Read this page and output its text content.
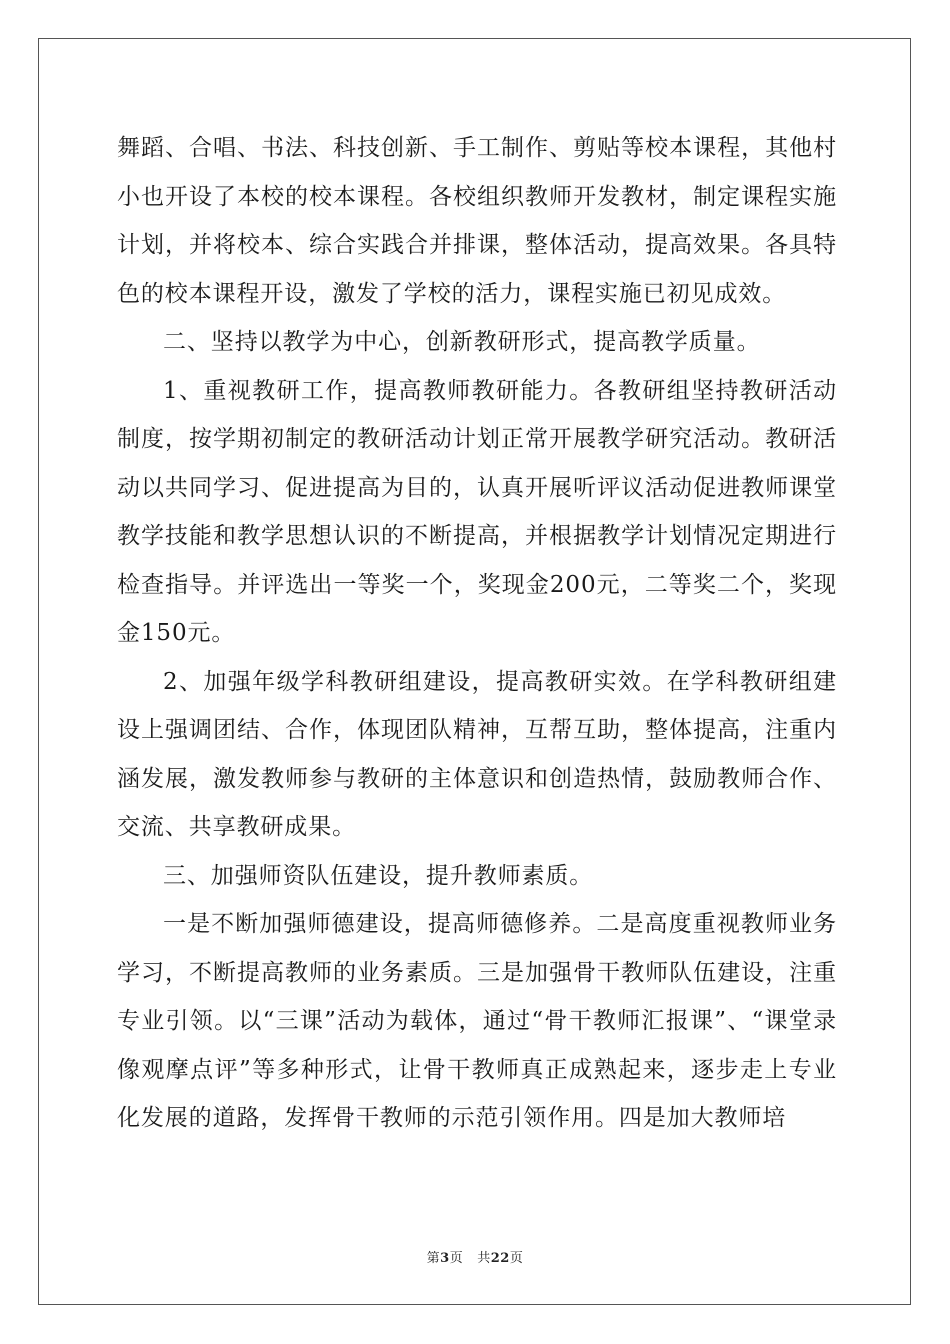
舞蹈、合唱、书法、科技创新、手工制作、剪贴等校本课程，其他村小也开设了本校的校本课程。各校组织教师开发教材，制定课程实施计划，并将校本、综合实践合并排课，整体活动，提高效果。各具特色的校本课程开设，激发了学校的活力，课程实施已初见成效。

二、坚持以教学为中心，创新教研形式，提高教学质量。

1、重视教研工作，提高教师教研能力。各教研组坚持教研活动制度，按学期初制定的教研活动计划正常开展教学研究活动。教研活动以共同学习、促进提高为目的，认真开展听评议活动促进教师课堂教学技能和教学思想认识的不断提高，并根据教学计划情况定期进行检查指导。并评选出一等奖一个，奖现金200元，二等奖二个，奖现金150元。

2、加强年级学科教研组建设，提高教研实效。在学科教研组建设上强调团结、合作，体现团队精神，互帮互助，整体提高，注重内涵发展，激发教师参与教研的主体意识和创造热情，鼓励教师合作、交流、共享教研成果。

三、加强师资队伍建设，提升教师素质。

一是不断加强师德建设，提高师德修养。二是高度重视教师业务学习，不断提高教师的业务素质。三是加强骨干教师队伍建设，注重专业引领。以“三课”活动为载体，通过“骨干教师汇报课”、“课堂录像观摩点评”等多种形式，让骨干教师真正成熟起来，逐步走上专业化发展的道路，发挥骨干教师的示范引领作用。四是加大教师培

第3页 共22页
